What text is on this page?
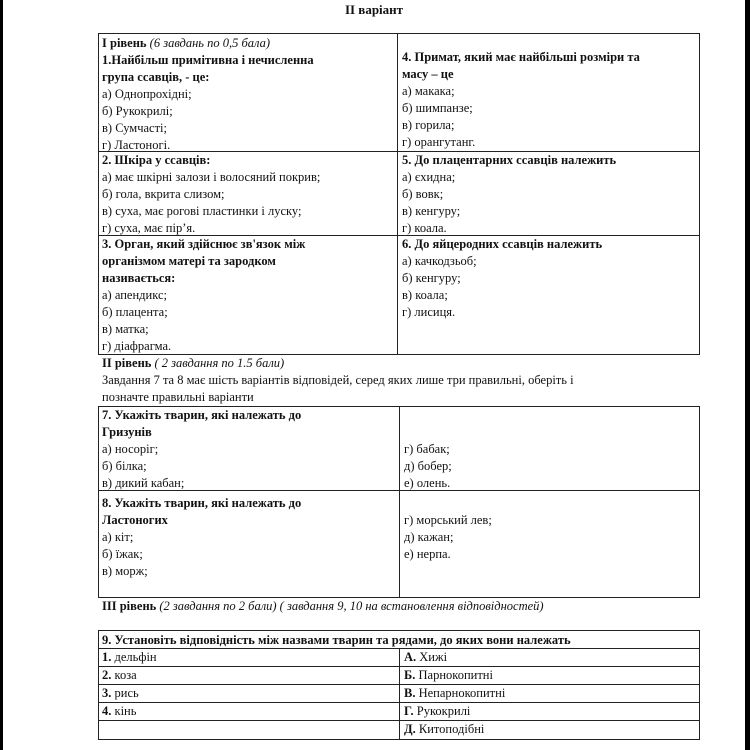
II варіант
І рівень (6 завдань по 0,5 бала)
1.Найбільш примітивна і нечисленна
група ссавців, - це:
а) Однопрохідні;
б) Рукокрилі;
в) Сумчасті;
г) Ластоногі.
4. Примат, який має найбільші розміри та
масу – це
а) макака;
б) шимпанзе;
в) горила;
г) орангутанг.
2. Шкіра у ссавців:
а) має шкірні залози і волосяний покрив;
б) гола, вкрита слизом;
в) суха, має рогові пластинки і луску;
г) суха, має пір’я.
5. До плацентарних ссавців належить
а) єхидна;
б) вовк;
в) кенгуру;
г) коала.
3. Орган, який здійснює зв'язок між
організмом матері та зародком
називається:
а) апендикс;
б) плацента;
в) матка;
г) діафрагма.
6. До яйцеродних ссавців належить
а) качкодзьоб;
б) кенгуру;
в) коала;
г) лисиця.
ІІ рівень ( 2 завдання по 1.5 бали)
Завдання 7 та 8 має шість варіантів відповідей, серед яких лише три правильні, оберіть і
позначте правильні варіанти
7. Укажіть тварин, які належать до
Гризунів
а) носоріг;
б) білка;
в) дикий кабан;
г) бабак;
д) бобер;
е) олень.
8. Укажіть тварин, які належать до
Ластоногих
а) кіт;
б) їжак;
в) морж;
г) морський лев;
д) кажан;
е) нерпа.
ІІІ рівень (2 завдання по 2 бали) ( завдання 9, 10 на встановлення відповідностей)
9. Установіть відповідність між назвами тварин та рядами, до яких вони належать
1. дельфін
2. коза
3. рись
4. кінь
А. Хижі
Б. Парнокопитні
В. Непарнокопитні
Г. Рукокрилі
Д. Китоподібні
